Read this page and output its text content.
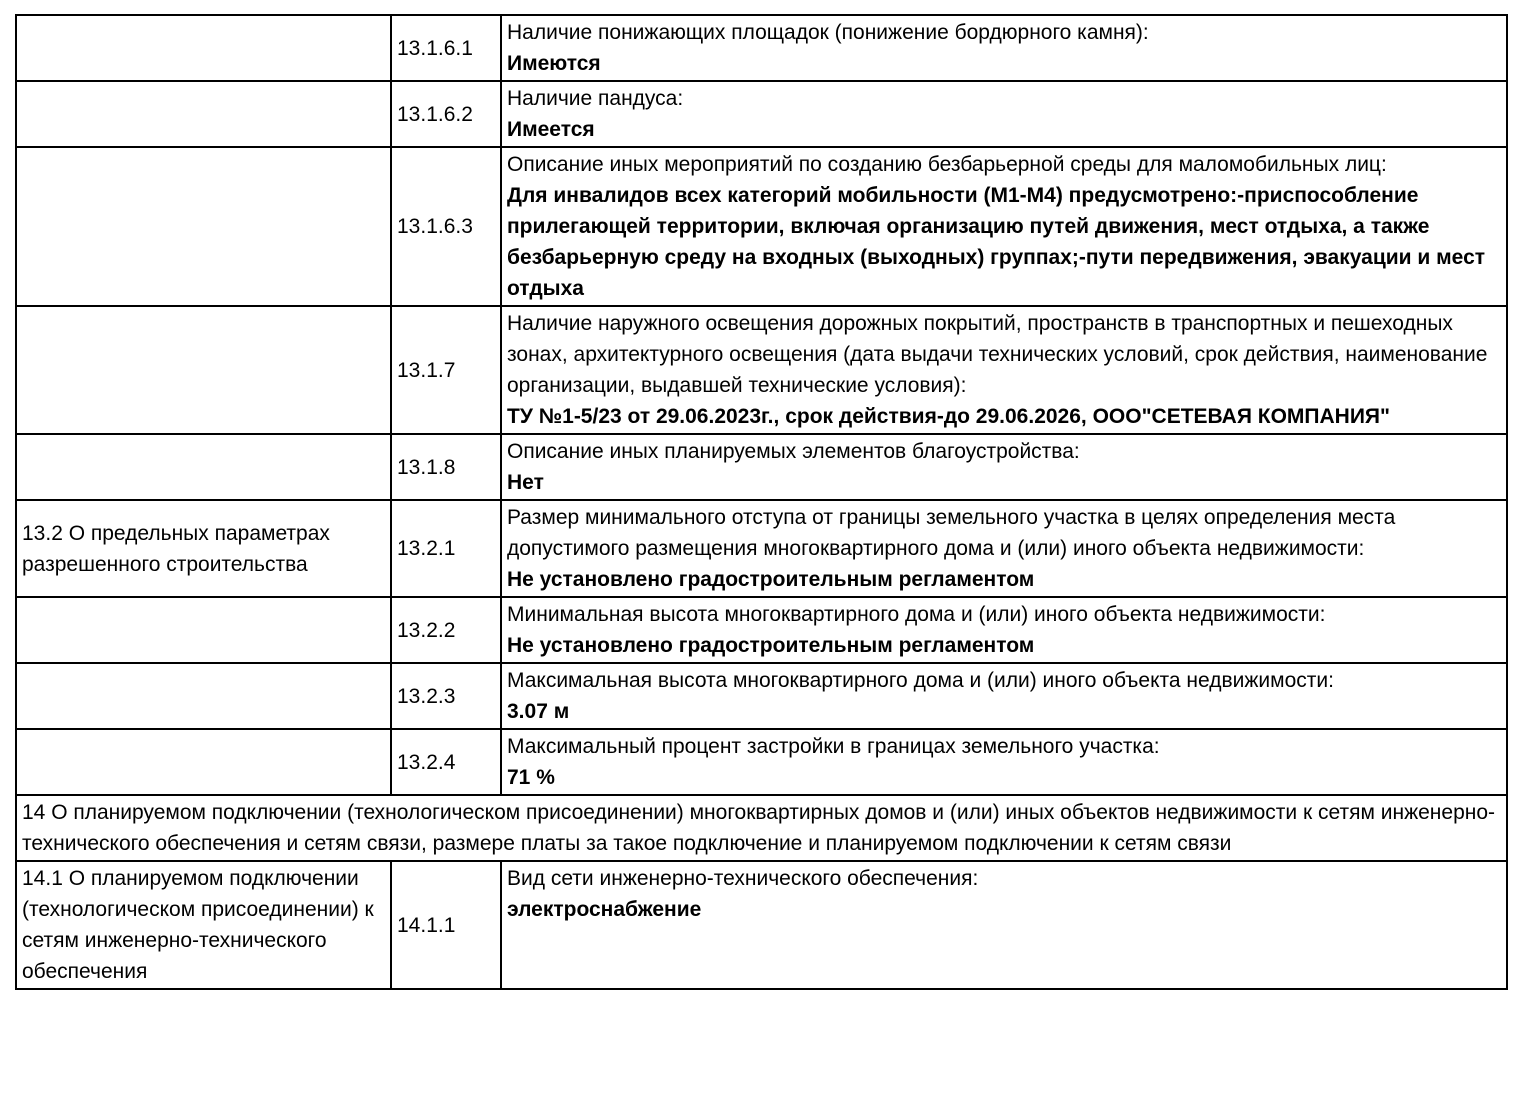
	13.1.6.1	Наличие понижающих площадок (понижение бордюрного камня):
Имеются

	13.1.6.2	Наличие пандуса:
Имеется

	13.1.6.3	Описание иных мероприятий по созданию безбарьерной среды для маломобильных лиц:
Для инвалидов всех категорий мобильности (М1-М4) предусмотрено:-приспособление прилегающей территории, включая организацию путей движения, мест отдыха, а также безбарьерную среду на входных (выходных) группах;-пути передвижения, эвакуации и мест отдыха

	13.1.7	Наличие наружного освещения дорожных покрытий, пространств в транспортных и пешеходных зонах, архитектурного освещения (дата выдачи технических условий, срок действия, наименование организации, выдавшей технические условия):
ТУ №1-5/23 от 29.06.2023г., срок действия-до 29.06.2026, ООО"СЕТЕВАЯ КОМПАНИЯ"

	13.1.8	Описание иных планируемых элементов благоустройства:
Нет

13.2 О предельных параметрах разрешенного строительства	13.2.1	Размер минимального отступа от границы земельного участка в целях определения места допустимого размещения многоквартирного дома и (или) иного объекта недвижимости:
Не установлено градостроительным регламентом

	13.2.2	Минимальная высота многоквартирного дома и (или) иного объекта недвижимости:
Не установлено градостроительным регламентом

	13.2.3	Максимальная высота многоквартирного дома и (или) иного объекта недвижимости:
3.07 м

	13.2.4	Максимальный процент застройки в границах земельного участка:
71 %

14 О планируемом подключении (технологическом присоединении) многоквартирных домов и (или) иных объектов недвижимости к сетям инженерно-технического обеспечения и сетям связи, размере платы за такое подключение и планируемом подключении к сетям связи		
14.1 О планируемом подключении (технологическом присоединении) к сетям инженерно-технического обеспечения	14.1.1	Вид сети инженерно-технического обеспечения:
электроснабжение
